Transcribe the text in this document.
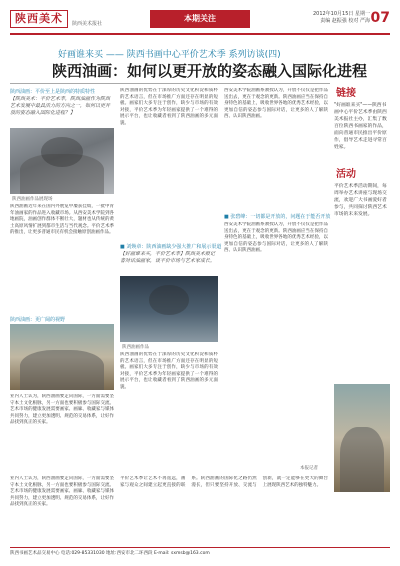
陕西美术	陕西美术报社
本期关注	2012年10月15日 星期一
责编 赵振强 校对 严海 07
好画谁来买 —— 陕西书画中心平价艺术季 系列访谈(四)
陕西油画：如何以更开放的姿态融入国际化进程
陕西油画：平价至上是陕西的特质特性
【陕西美术：平价艺术季，陕西油画作为陕西艺术发展中最具活力的方向之一，如何以更开放的姿态融入国际化进程？】
陕西油画作品展现场
陕西油画近年来在国内外展览中屡获佳绩，一批中青年油画家的作品进入收藏市场。从西安美术学院到各地画院，油画创作群体不断壮大，题材也从传统的黄土高原风情扩展到都市生活与当代观念。平价艺术季的推出，让更多普通市民有机会接触原创油画作品。
陕西油画：更广阔的视野
业内人士认为，陕西油画要走向国际，一方面需要坚守本土文化根脉，另一方面也要积极参与国际交流。艺术市场的健康发展需要画家、画廊、收藏家与媒体共同努力，建立更加透明、规范的交易体系，让好作品找到真正的买家。
陕西油画的优势在于深厚的历史文化积淀和质朴的艺术语言，但在市场推广方面还存在明显的短板。画家们大多专注于创作，缺少与市场的有效对接，平价艺术季为年轻画家提供了一个难得的展示平台，也让收藏者看到了陕西油画的多元面貌。
■ 刘焕章：陕西油画缺少强大推广和展示渠道
【好画谁来买，平价艺术季】陕西美术报记者对话油画家，谈平价市场与艺术家成长。
陕西油画作品
陕西油画的优势在于深厚的历史文化积淀和质朴的艺术语言，但在市场推广方面还存在明显的短板。画家们大多专注于创作，缺少与市场的有效对接，平价艺术季为年轻画家提供了一个难得的展示平台，也让收藏者看到了陕西油画的多元面貌。
西安美术学院油画系教授认为，开放不仅仅是把作品送出去，更在于观念的更新。陕西油画应当在保持自身特色的基础上，吸收世界各地的优秀艺术经验，以更加自信的姿态参与国际对话，让更多的人了解陕西、认识陕西油画。
■ 张碧峰：一切都是开放的，问题在于能否开放
西安美术学院油画系教授认为，开放不仅仅是把作品送出去，更在于观念的更新。陕西油画应当在保持自身特色的基础上，吸收世界各地的优秀艺术经验，以更加自信的姿态参与国际对话，让更多的人了解陕西、认识陕西油画。
本报记者
链接
"好画谁来买"——陕西书画中心平价艺术季由陕西美术报社主办，汇集了数百位陕西书画家的作品，面向普通市民推出平价原作，倡导艺术走进寻常百姓家。
活动
平价艺术季活动期间，每周举办艺术讲座与现场交流，欢迎广大书画爱好者参与，共同探讨陕西艺术市场的未来发展。
平价艺术季让艺术不再遥远，画家与观众之间建立起更直接的联系。陕西油画的国际化之路仍然漫长，但只要坚持开放、交流与创新，就一定能够在更大的舞台上展现陕西艺术的独特魅力。
业内人士认为，陕西油画要走向国际，一方面需要坚守本土文化根脉，另一方面也要积极参与国际交流。艺术市场的健康发展需要画家、画廊、收藏家与媒体共同努力，建立更加透明、规范的交易体系，让好作品找到真正的买家。
陕西书画艺术品交易中心 电话:029-85331030 地址:西安市北二环西段 E-mail: sxmsb@163.com
